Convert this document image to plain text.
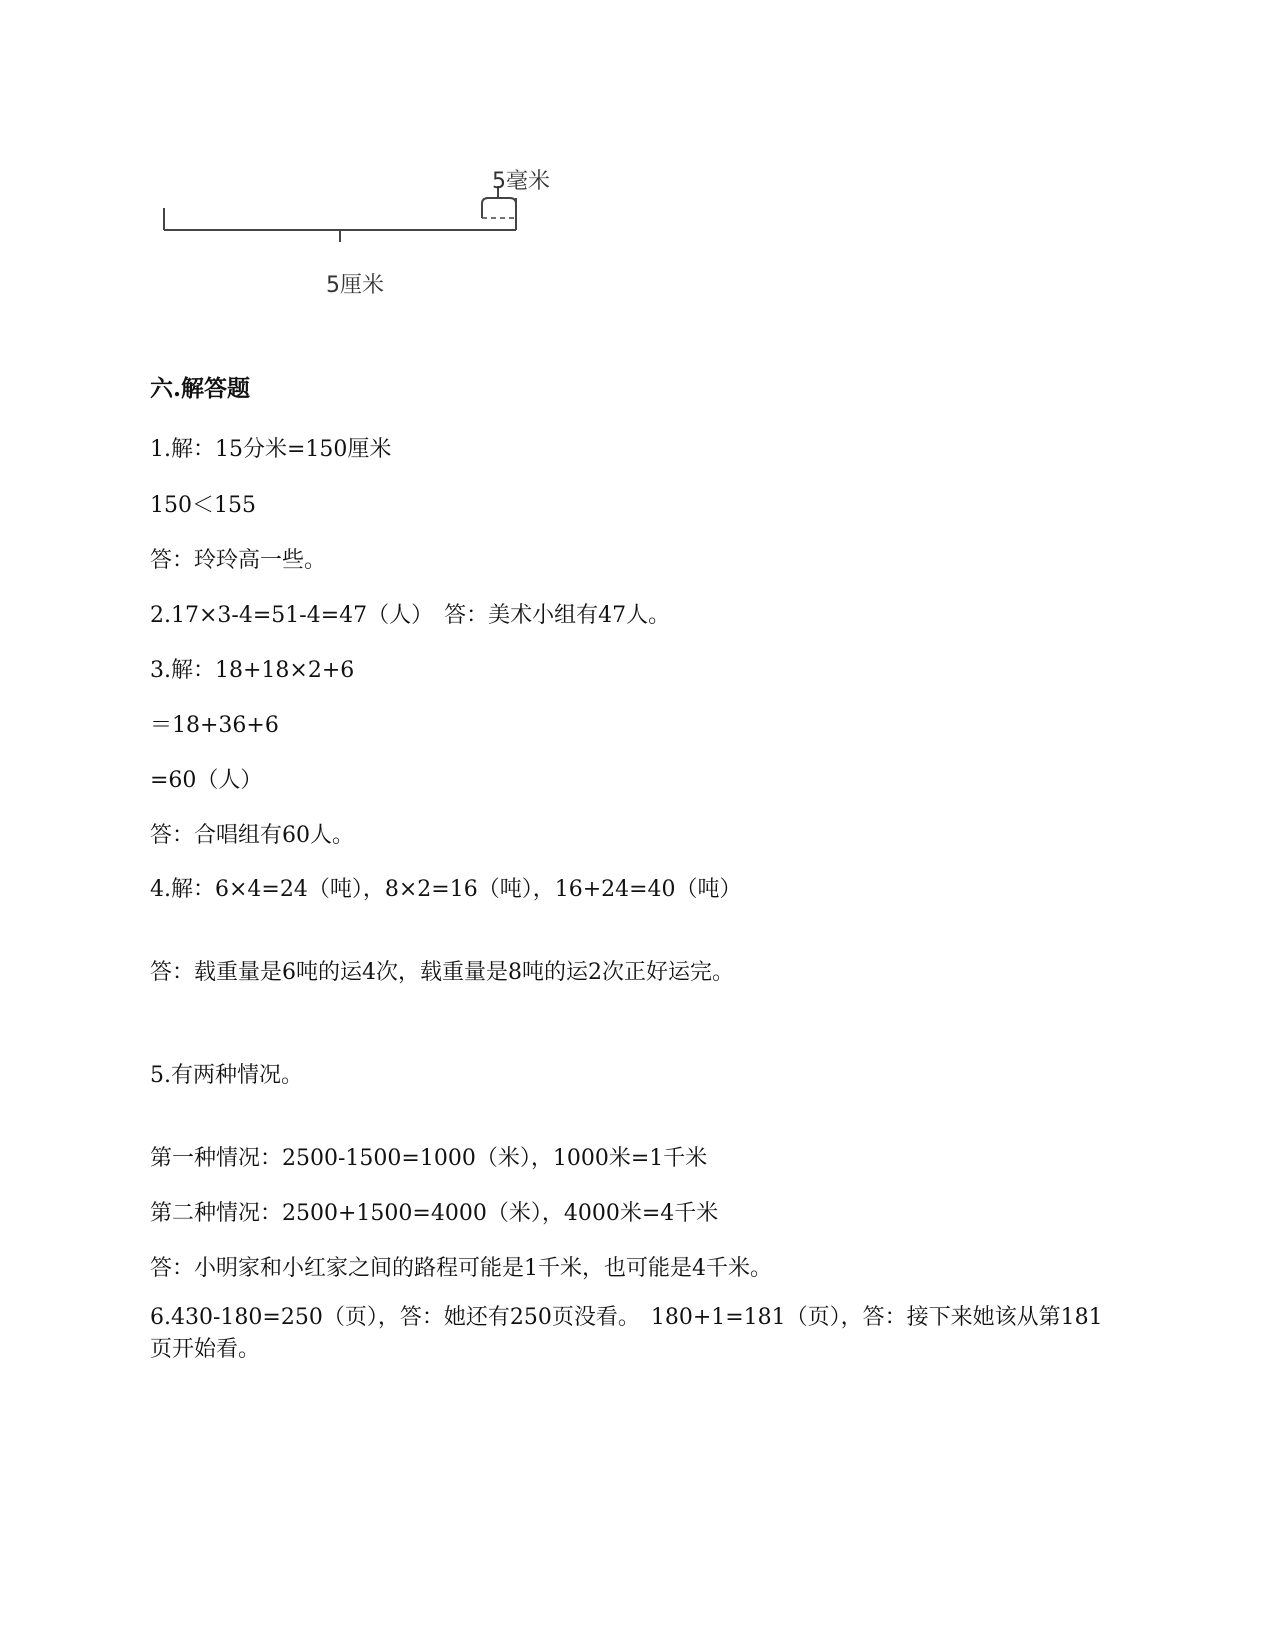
5毫米
5厘米
六.解答题

1.解：15分米=150厘米

150＜155

答：玲玲高一些。

2.17×3-4=51-4=47（人）　答：美术小组有47人。

3.解：18+18×2+6

＝18+36+6

=60（人）

答：合唱组有60人。

4.解：6×4=24（吨），8×2=16（吨），16+24=40（吨）

答：载重量是6吨的运4次，载重量是8吨的运2次正好运完。

5.有两种情况。

第一种情况：2500-1500=1000（米），1000米=1千米

第二种情况：2500+1500=4000（米），4000米=4千米

答：小明家和小红家之间的路程可能是1千米，也可能是4千米。

6.430-180=250（页），答：她还有250页没看。　180+1=181（页），答：接下来她该从第181页开始看。
